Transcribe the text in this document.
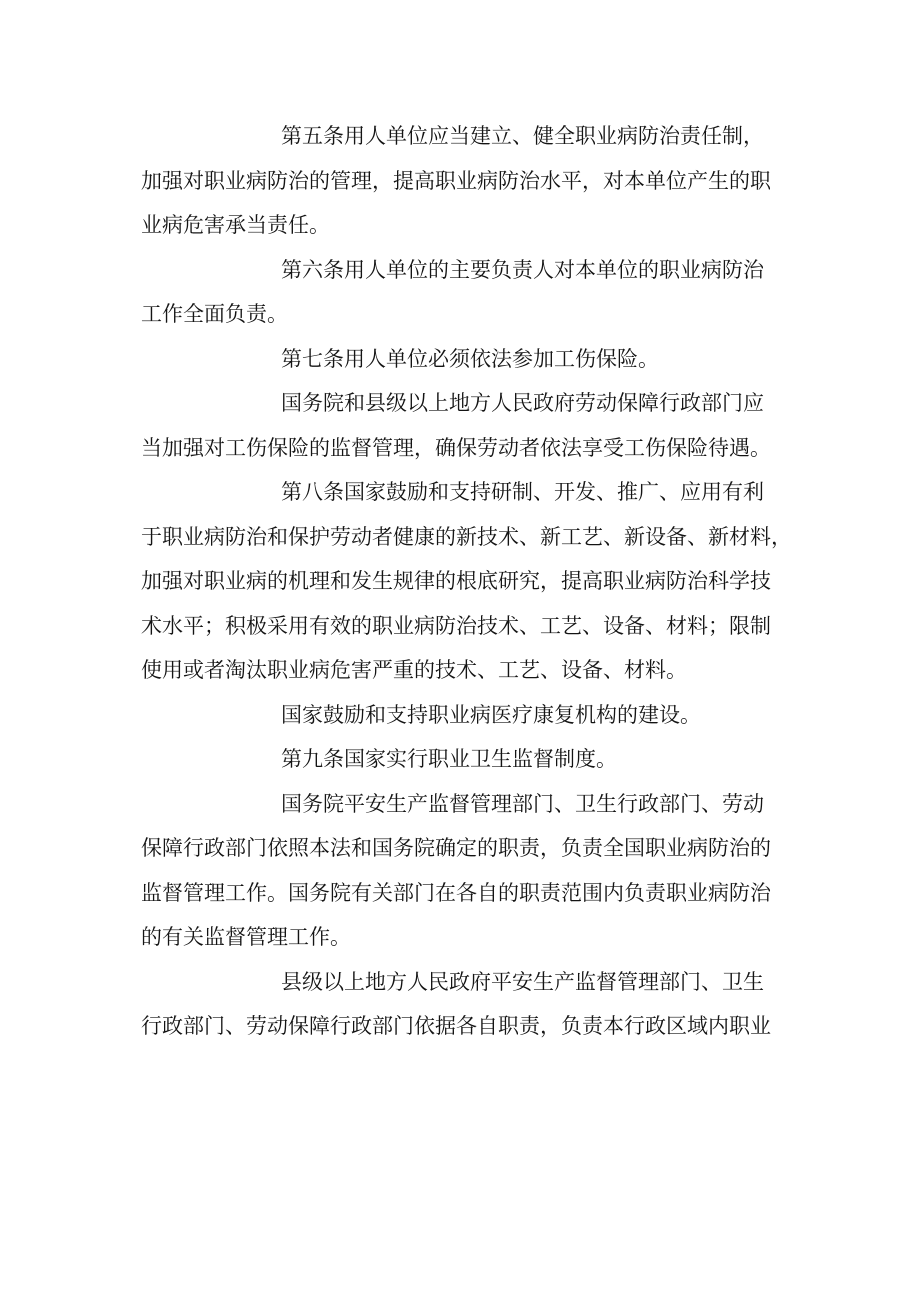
第五条用人单位应当建立、健全职业病防治责任制，
加强对职业病防治的管理，提高职业病防治水平，对本单位产生的职
业病危害承当责任。
第六条用人单位的主要负责人对本单位的职业病防治
工作全面负责。
第七条用人单位必须依法参加工伤保险。
国务院和县级以上地方人民政府劳动保障行政部门应
当加强对工伤保险的监督管理，确保劳动者依法享受工伤保险待遇。
第八条国家鼓励和支持研制、开发、推广、应用有利
于职业病防治和保护劳动者健康的新技术、新工艺、新设备、新材料，
加强对职业病的机理和发生规律的根底研究，提高职业病防治科学技
术水平；积极采用有效的职业病防治技术、工艺、设备、材料；限制
使用或者淘汰职业病危害严重的技术、工艺、设备、材料。
国家鼓励和支持职业病医疗康复机构的建设。
第九条国家实行职业卫生监督制度。
国务院平安生产监督管理部门、卫生行政部门、劳动
保障行政部门依照本法和国务院确定的职责，负责全国职业病防治的
监督管理工作。国务院有关部门在各自的职责范围内负责职业病防治
的有关监督管理工作。
县级以上地方人民政府平安生产监督管理部门、卫生
行政部门、劳动保障行政部门依据各自职责，负责本行政区域内职业
